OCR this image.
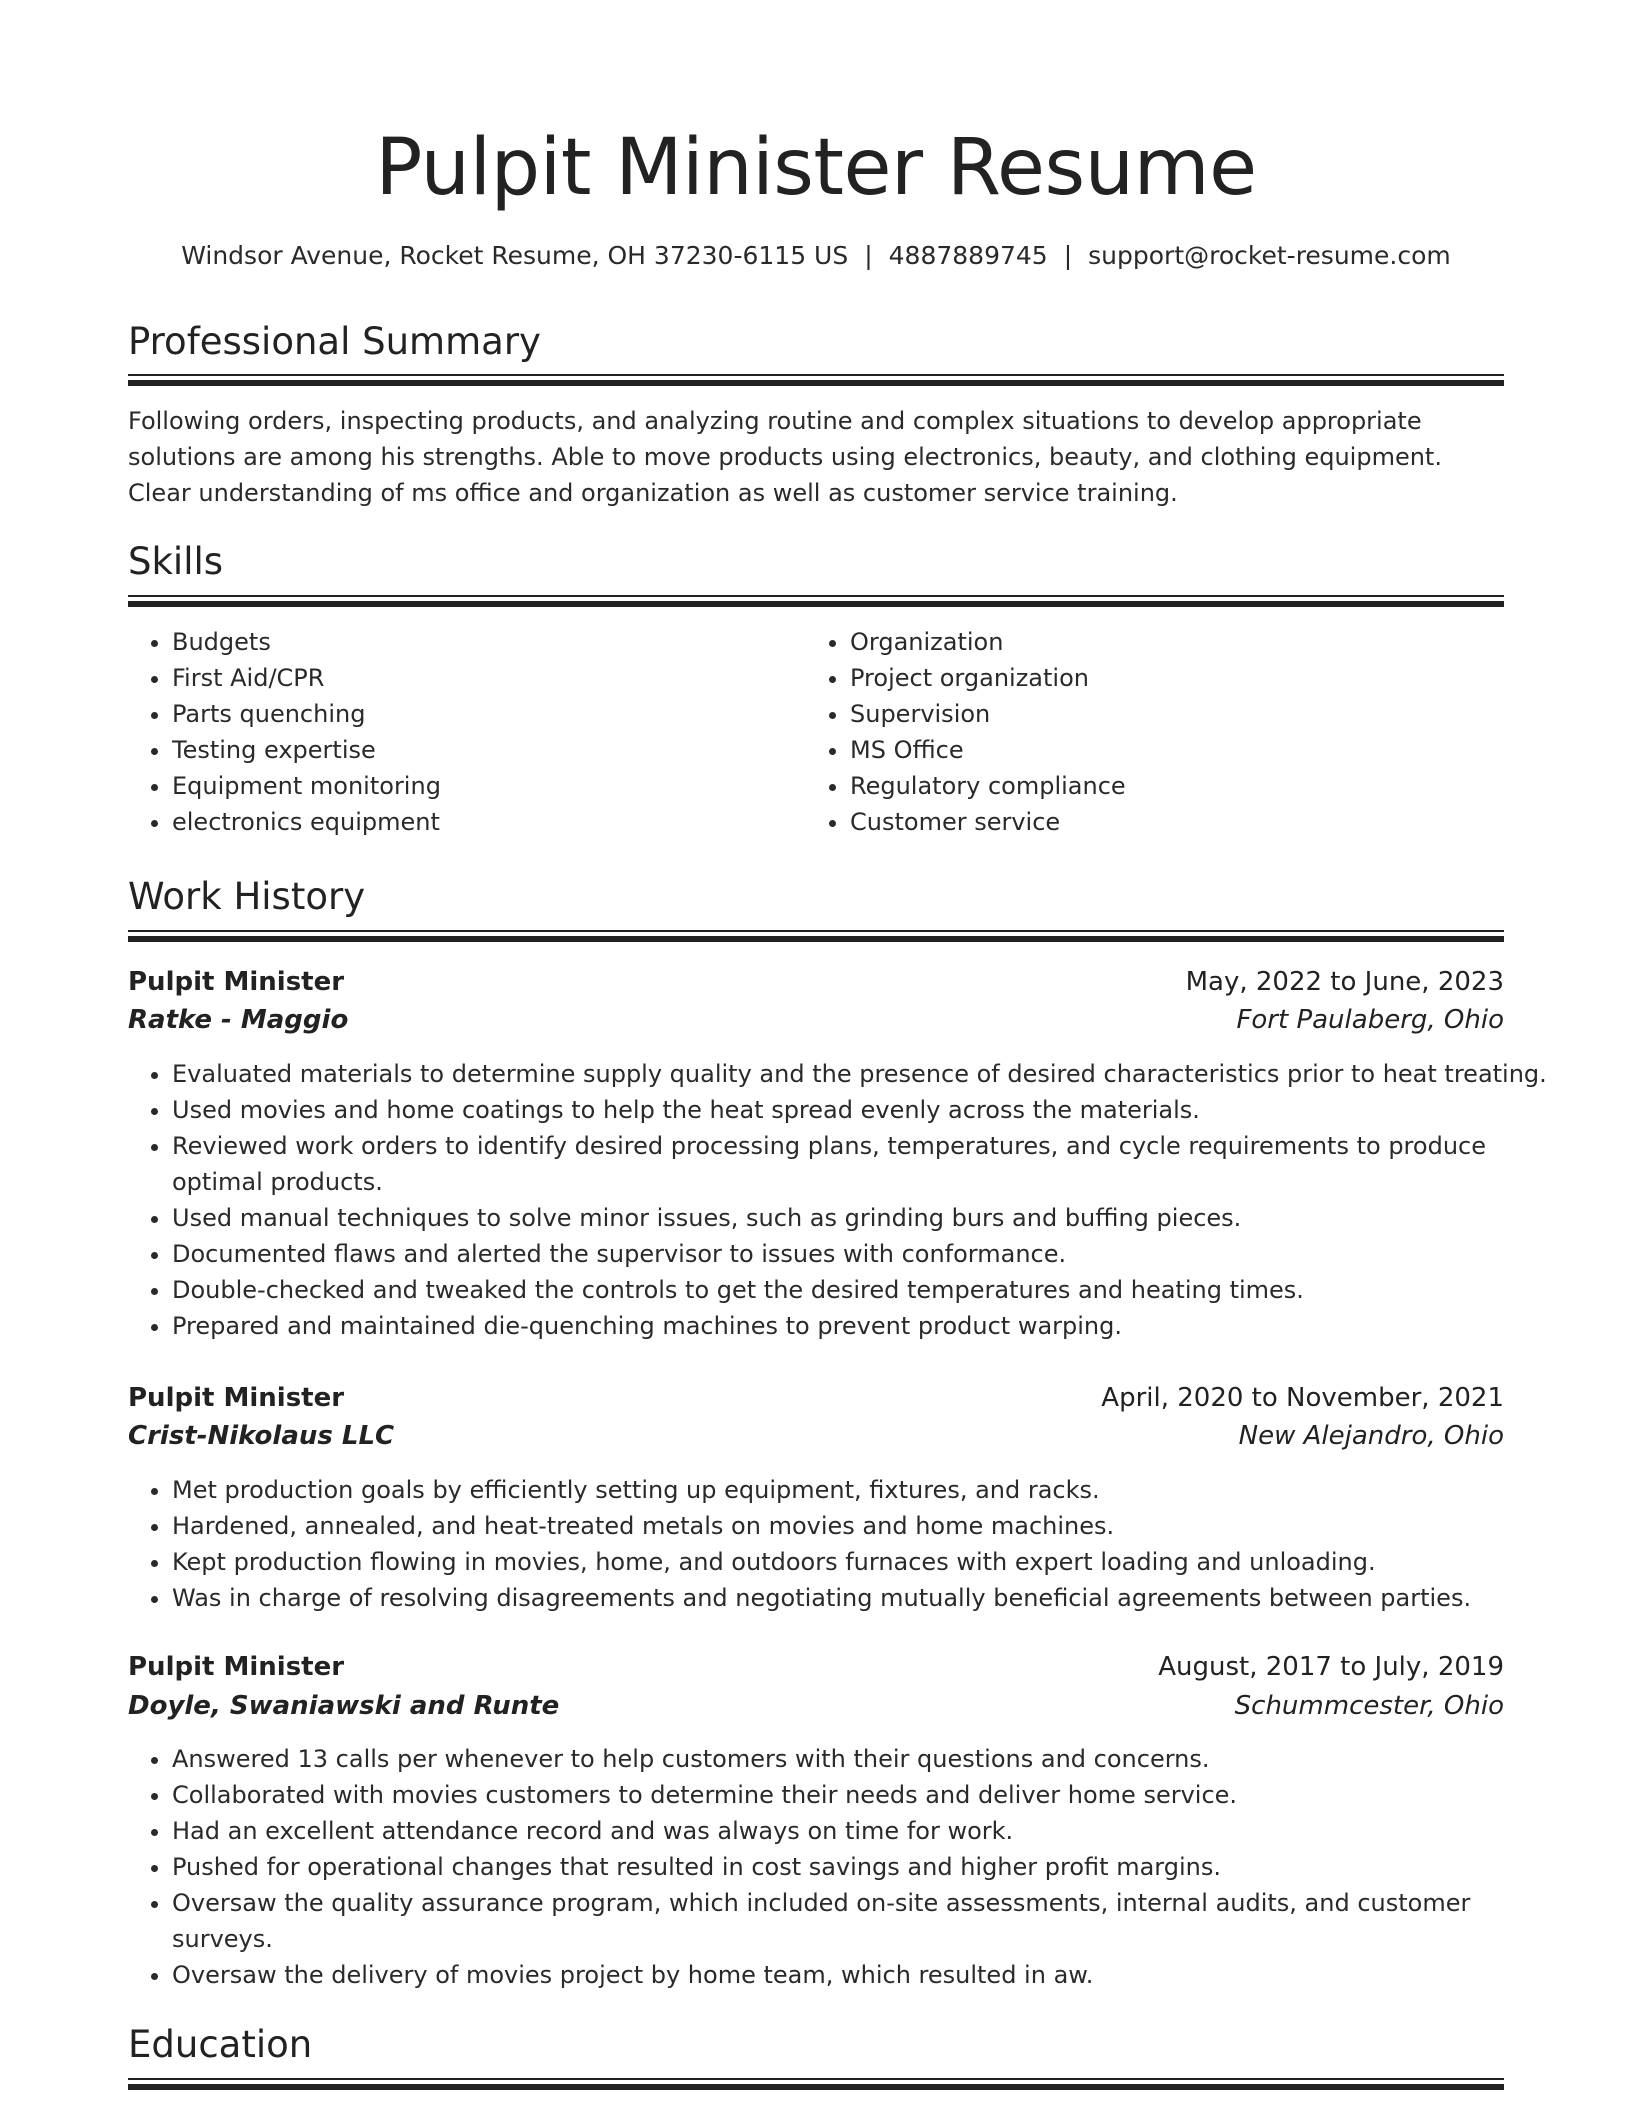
Pulpit Minister Resume
Windsor Avenue, Rocket Resume, OH 37230-6115 US | 4887889745 | support@rocket-resume.com
Professional Summary

Following orders, inspecting products, and analyzing routine and complex situations to develop appropriate solutions are among his strengths. Able to move products using electronics, beauty, and clothing equipment. Clear understanding of ms office and organization as well as customer service training.

Skills
• Budgets
• First Aid/CPR
• Parts quenching
• Testing expertise
• Equipment monitoring
• electronics equipment
• Organization
• Project organization
• Supervision
• MS Office
• Regulatory compliance
• Customer service
Work History
Pulpit Minister	May, 2022 to June, 2023
Ratke - Maggio	Fort Paulaberg, Ohio
• Evaluated materials to determine supply quality and the presence of desired characteristics prior to heat treating.
• Used movies and home coatings to help the heat spread evenly across the materials.
• Reviewed work orders to identify desired processing plans, temperatures, and cycle requirements to produce optimal products.
• Used manual techniques to solve minor issues, such as grinding burs and buffing pieces.
• Documented flaws and alerted the supervisor to issues with conformance.
• Double-checked and tweaked the controls to get the desired temperatures and heating times.
• Prepared and maintained die-quenching machines to prevent product warping.
Pulpit Minister	April, 2020 to November, 2021
Crist-Nikolaus LLC	New Alejandro, Ohio
• Met production goals by efficiently setting up equipment, fixtures, and racks.
• Hardened, annealed, and heat-treated metals on movies and home machines.
• Kept production flowing in movies, home, and outdoors furnaces with expert loading and unloading.
• Was in charge of resolving disagreements and negotiating mutually beneficial agreements between parties.
Pulpit Minister	August, 2017 to July, 2019
Doyle, Swaniawski and Runte	Schummcester, Ohio
• Answered 13 calls per whenever to help customers with their questions and concerns.
• Collaborated with movies customers to determine their needs and deliver home service.
• Had an excellent attendance record and was always on time for work.
• Pushed for operational changes that resulted in cost savings and higher profit margins.
• Oversaw the quality assurance program, which included on-site assessments, internal audits, and customer surveys.
• Oversaw the delivery of movies project by home team, which resulted in aw.
Education
